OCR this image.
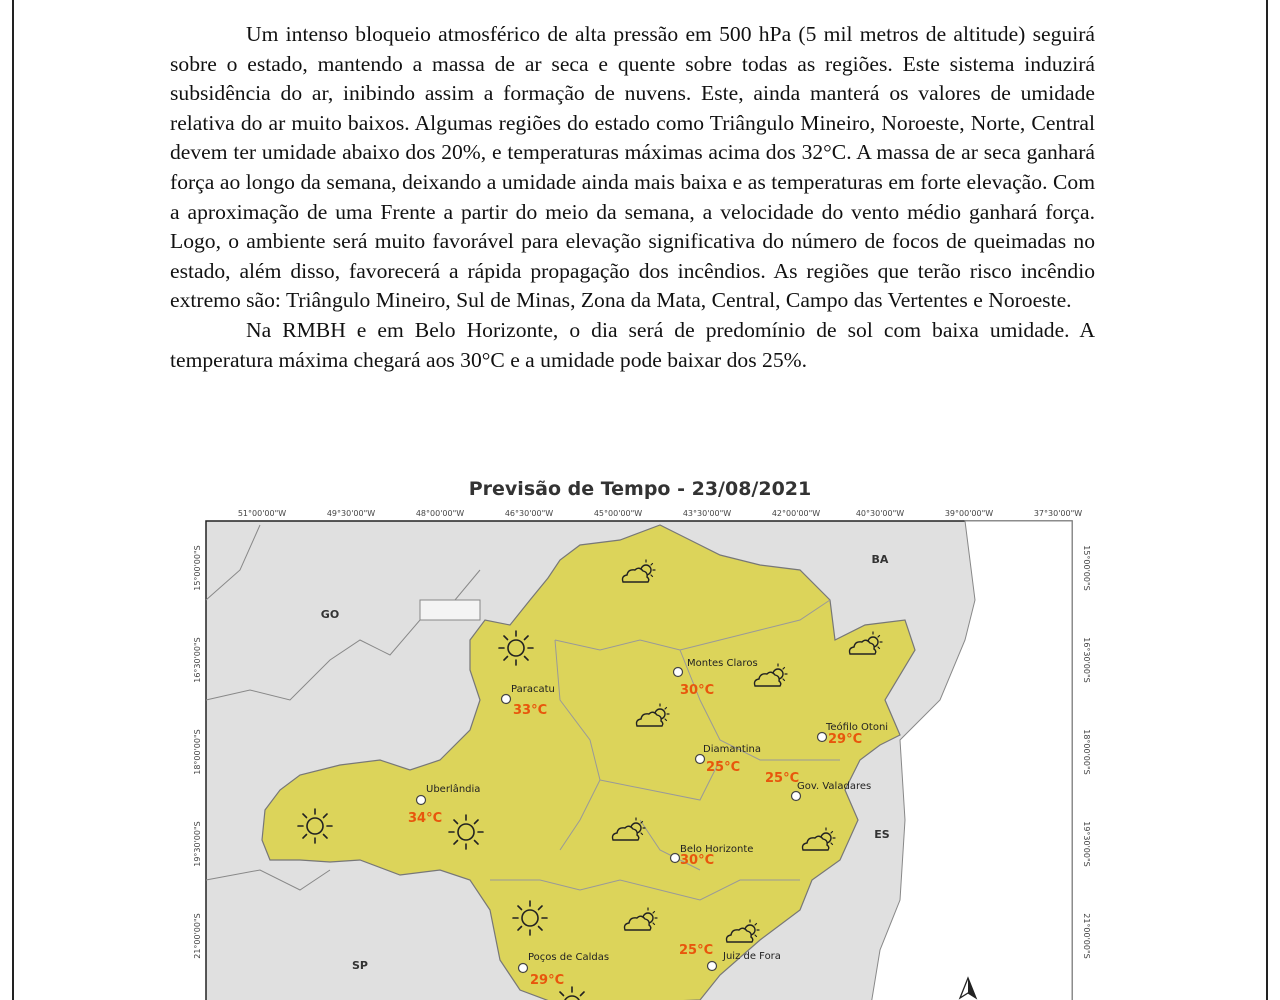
Um intenso bloqueio atmosférico de alta pressão em 500 hPa (5 mil metros de altitude) seguirá sobre o estado, mantendo a massa de ar seca e quente sobre todas as regiões. Este sistema induzirá subsidência do ar, inibindo assim a formação de nuvens. Este, ainda manterá os valores de umidade relativa do ar muito baixos. Algumas regiões do estado como Triângulo Mineiro, Noroeste, Norte, Central devem ter umidade abaixo dos 20%, e temperaturas máximas acima dos 32°C. A massa de ar seca ganhará força ao longo da semana, deixando a umidade ainda mais baixa e as temperaturas em forte elevação. Com a aproximação de uma Frente a partir do meio da semana, a velocidade do vento médio ganhará força. Logo, o ambiente será muito favorável para elevação significativa do número de focos de queimadas no estado, além disso, favorecerá a rápida propagação dos incêndios. As regiões que terão risco incêndio extremo são: Triângulo Mineiro, Sul de Minas, Zona da Mata, Central, Campo das Vertentes e Noroeste.

Na RMBH e em Belo Horizonte, o dia será de predomínio de sol com baixa umidade. A temperatura máxima chegará aos 30°C e a umidade pode baixar dos 25%.

Previsão de Tempo - 23/08/2021
51°00'00"W	49°30'00"W	48°00'00"W	46°30'00"W	45°00'00"W	43°30'00"W	42°00'00"W	40°30'00"W	39°00'00"W	37°30'00"W
15°00'00"S
16°30'00"S
18°00'00"S
19°30'00"S
21°00'00"S
15°00'00"S
16°30'00"S
18°00'00"S
19°30'00"S
21°00'00"S
BA
GO
ES
SP
Montes Claros
30°C
Paracatu
33°C
Teófilo Otoni
29°C
Diamantina
25°C
Gov. Valadares
25°C
Uberlândia
34°C
Belo Horizonte
30°C
Juiz de Fora
25°C
Poços de Caldas
29°C
